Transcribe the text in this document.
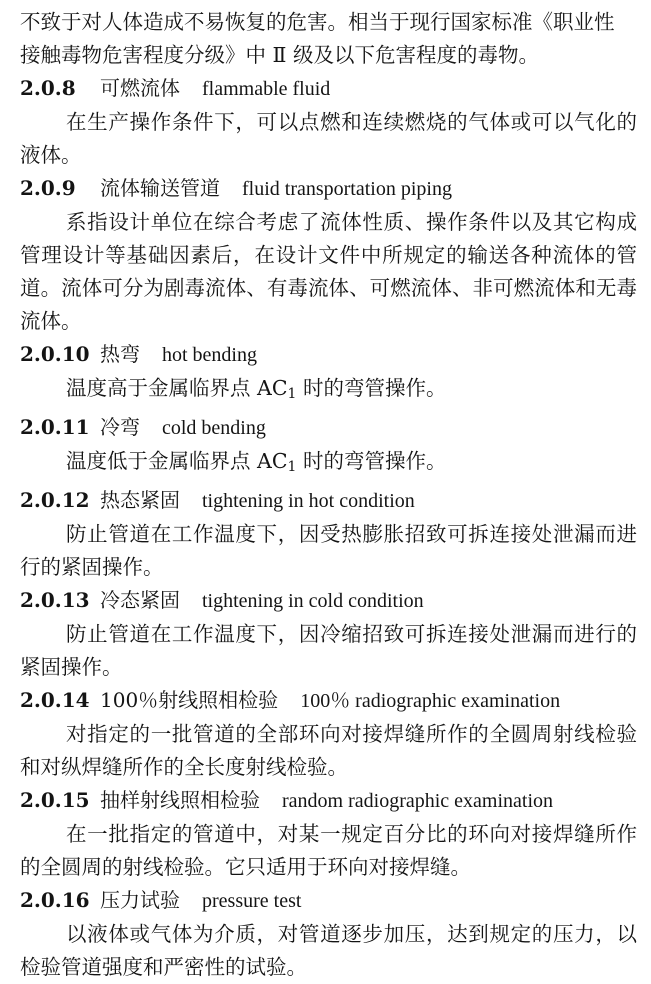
不致于对人体造成不易恢复的危害。相当于现行国家标准《职业性

接触毒物危害程度分级》中 Ⅱ 级及以下危害程度的毒物。

2.0.8 可燃流体 flammable fluid

在生产操作条件下，可以点燃和连续燃烧的气体或可以气化的液体。

2.0.9 流体输送管道 fluid transportation piping

系指设计单位在综合考虑了流体性质、操作条件以及其它构成管理设计等基础因素后，在设计文件中所规定的输送各种流体的管道。流体可分为剧毒流体、有毒流体、可燃流体、非可燃流体和无毒流体。

2.0.10 热弯 hot bending

温度高于金属临界点 $AC_1$ 时的弯管操作。

2.0.11 冷弯 cold bending

温度低于金属临界点 $AC_1$ 时的弯管操作。

2.0.12 热态紧固 tightening in hot condition

防止管道在工作温度下，因受热膨胀招致可拆连接处泄漏而进行的紧固操作。

2.0.13 冷态紧固 tightening in cold condition

防止管道在工作温度下，因冷缩招致可拆连接处泄漏而进行的紧固操作。

2.0.14 100％射线照相检验 100％ radiographic examination

对指定的一批管道的全部环向对接焊缝所作的全圆周射线检验和对纵焊缝所作的全长度射线检验。

2.0.15 抽样射线照相检验 random radiographic examination

在一批指定的管道中，对某一规定百分比的环向对接焊缝所作的全圆周的射线检验。它只适用于环向对接焊缝。

2.0.16 压力试验 pressure test

以液体或气体为介质，对管道逐步加压，达到规定的压力，以检验管道强度和严密性的试验。
